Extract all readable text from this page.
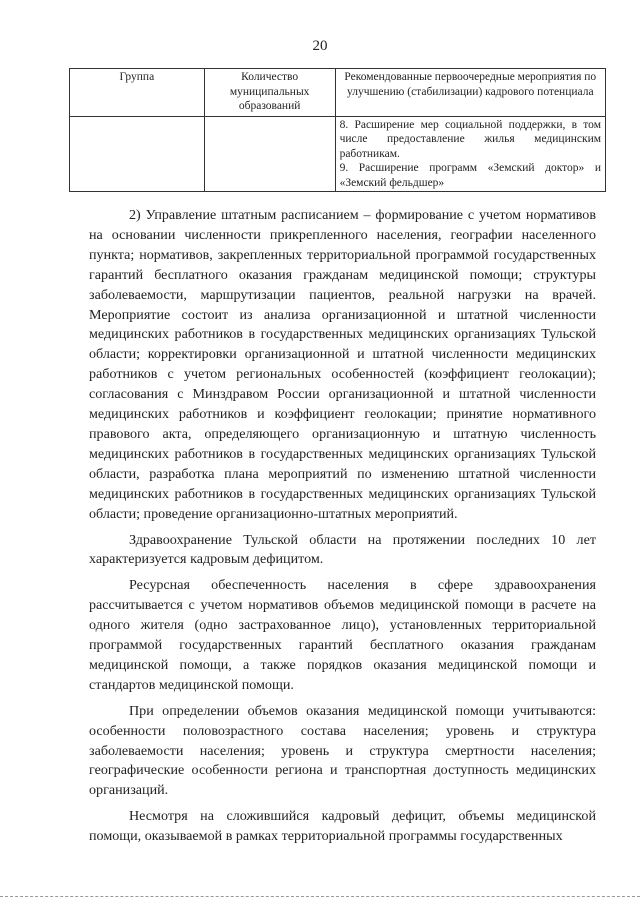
20
Группа	Количество муниципальных образований	Рекомендованные первоочередные мероприятия по улучшению (стабилизации) кадрового потенциала

		8. Расширение мер социальной поддержки, в том числе предоставление жилья медицинским работникам.
9. Расширение программ «Земский доктор» и «Земский фельдшер»

2) Управление штатным расписанием – формирование с учетом нормативов на основании численности прикрепленного населения, географии населенного пункта; нормативов, закрепленных территориальной программой государственных гарантий бесплатного оказания гражданам медицинской помощи; структуры заболеваемости, маршрутизации пациентов, реальной нагрузки на врачей. Мероприятие состоит из анализа организационной и штатной численности медицинских работников в государственных медицинских организациях Тульской области; корректировки организационной и штатной численности медицинских работников с учетом региональных особенностей (коэффициент геолокации); согласования с Минздравом России организационной и штатной численности медицинских работников и коэффициент геолокации; принятие нормативного правового акта, определяющего организационную и штатную численность медицинских работников в государственных медицинских организациях Тульской области, разработка плана мероприятий по изменению штатной численности медицинских работников в государственных медицинских организациях Тульской области; проведение организационно-штатных мероприятий.

Здравоохранение Тульской области на протяжении последних 10 лет характеризуется кадровым дефицитом.

Ресурсная обеспеченность населения в сфере здравоохранения рассчитывается с учетом нормативов объемов медицинской помощи в расчете на одного жителя (одно застрахованное лицо), установленных территориальной программой государственных гарантий бесплатного оказания гражданам медицинской помощи, а также порядков оказания медицинской помощи и стандартов медицинской помощи.

При определении объемов оказания медицинской помощи учитываются: особенности половозрастного состава населения; уровень и структура заболеваемости населения; уровень и структура смертности населения; географические особенности региона и транспортная доступность медицинских организаций.

Несмотря на сложившийся кадровый дефицит, объемы медицинской помощи, оказываемой в рамках территориальной программы государственных
